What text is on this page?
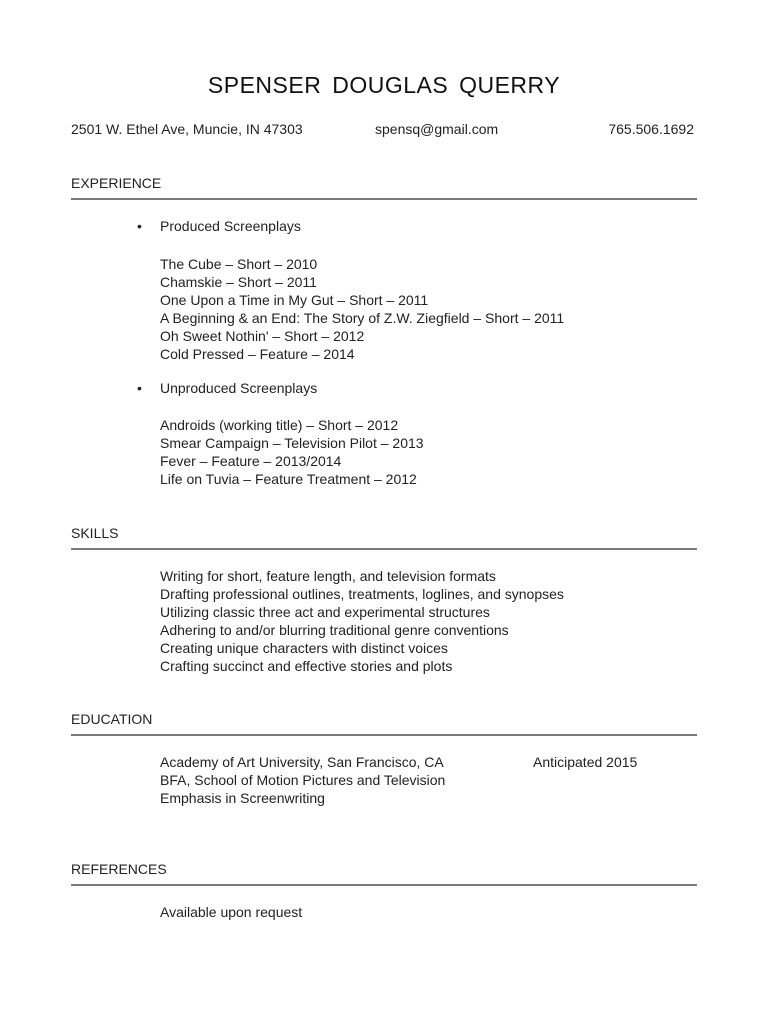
SPENSER DOUGLAS QUERRY
2501 W. Ethel Ave, Muncie, IN 47303	spensq@gmail.com	765.506.1692
EXPERIENCE
• Produced Screenplays
The Cube – Short – 2010
Chamskie – Short – 2011
One Upon a Time in My Gut – Short – 2011
A Beginning & an End: The Story of Z.W. Ziegfield – Short – 2011
Oh Sweet Nothin' – Short – 2012
Cold Pressed – Feature – 2014
• Unproduced Screenplays
Androids (working title) – Short – 2012
Smear Campaign – Television Pilot – 2013
Fever – Feature – 2013/2014
Life on Tuvia – Feature Treatment – 2012
SKILLS
Writing for short, feature length, and television formats
Drafting professional outlines, treatments, loglines, and synopses
Utilizing classic three act and experimental structures
Adhering to and/or blurring traditional genre conventions
Creating unique characters with distinct voices
Crafting succinct and effective stories and plots
EDUCATION
Academy of Art University, San Francisco, CA
BFA, School of Motion Pictures and Television
Emphasis in Screenwriting
Anticipated 2015
REFERENCES
Available upon request
